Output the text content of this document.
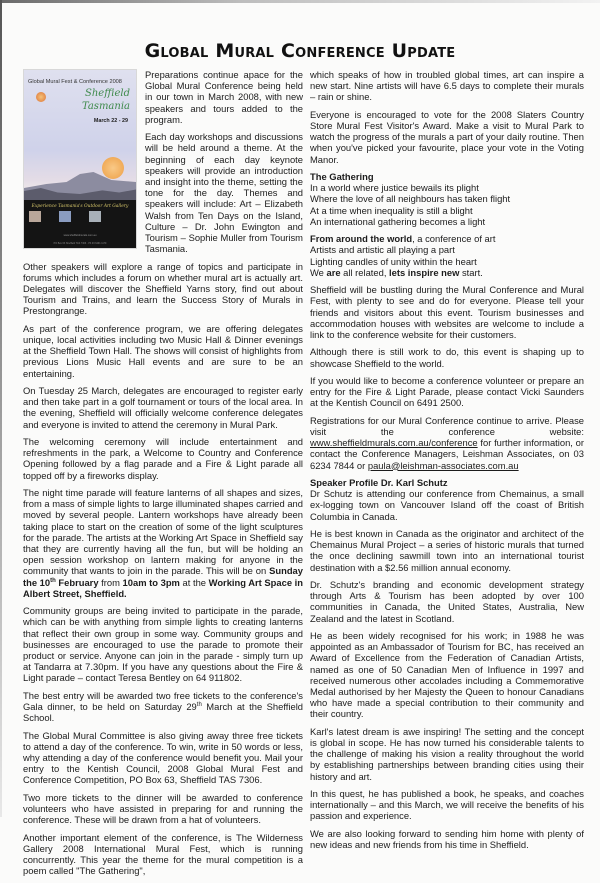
Global Mural Conference Update
Global Mural Fest & Conference 2008
Sheffield
Tasmania
March 22 - 29
Experience Tasmania's Outdoor Art Gallery
www.sheffieldmurals.com.au
PO Box 63 Sheffield TAS 7306 · Ph 03 6491 1179

Preparations continue apace for the Global Mural Conference being held in our town in March 2008, with new speakers and tours added to the program.

Each day workshops and discussions will be held around a theme. At the beginning of each day keynote speakers will provide an introduction and insight into the theme, setting the tone for the day. Themes and speakers will include: Art – Elizabeth Walsh from Ten Days on the Island, Culture – Dr. John Ewington and Tourism – Sophie Muller from Tourism Tasmania.

Other speakers will explore a range of topics and participate in forums which includes a forum on whether mural art is actually art. Delegates will discover the Sheffield Yarns story, find out about Tourism and Trains, and learn the Success Story of Murals in Prestongrange.

As part of the conference program, we are offering delegates unique, local activities including two Music Hall & Dinner evenings at the Sheffield Town Hall. The shows will consist of highlights from previous Lions Music Hall events and are sure to be an entertaining.

On Tuesday 25 March, delegates are encouraged to register early and then take part in a golf tournament or tours of the local area. In the evening, Sheffield will officially welcome conference delegates and everyone is invited to attend the ceremony in Mural Park.

The welcoming ceremony will include entertainment and refreshments in the park, a Welcome to Country and Conference Opening followed by a flag parade and a Fire & Light parade all topped off by a fireworks display.

The night time parade will feature lanterns of all shapes and sizes, from a mass of simple lights to large illuminated shapes carried and moved by several people. Lantern workshops have already been taking place to start on the creation of some of the light sculptures for the parade. The artists at the Working Art Space in Sheffield say that they are currently having all the fun, but will be holding an open session workshop on lantern making for anyone in the community that wants to join in the parade. This will be on Sunday the 10th February from 10am to 3pm at the Working Art Space in Albert Street, Sheffield.

Community groups are being invited to participate in the parade, which can be with anything from simple lights to creating lanterns that reflect their own group in some way. Community groups and businesses are encouraged to use the parade to promote their product or service. Anyone can join in the parade - simply turn up at Tandarra at 7.30pm. If you have any questions about the Fire & Light parade – contact Teresa Bentley on 64 911802.

The best entry will be awarded two free tickets to the conference's Gala dinner, to be held on Saturday 29th March at the Sheffield School.

The Global Mural Committee is also giving away three free tickets to attend a day of the conference. To win, write in 50 words or less, why attending a day of the conference would benefit you. Mail your entry to the Kentish Council, 2008 Global Mural Fest and Conference Competition, PO Box 63, Sheffield TAS 7306.

Two more tickets to the dinner will be awarded to conference volunteers who have assisted in preparing for and running the conference. These will be drawn from a hat of volunteers.

Another important element of the conference, is The Wilderness Gallery 2008 International Mural Fest, which is running concurrently. This year the theme for the mural competition is a poem called "The Gathering",

which speaks of how in troubled global times, art can inspire a new start. Nine artists will have 6.5 days to complete their murals – rain or shine.

Everyone is encouraged to vote for the 2008 Slaters Country Store Mural Fest Visitor's Award. Make a visit to Mural Park to watch the progress of the murals a part of your daily routine. Then when you've picked your favourite, place your vote in the Voting Manor.

The Gathering
In a world where justice bewails its plight
Where the love of all neighbours has taken flight
At a time when inequality is still a blight
An international gathering becomes a light
From around the world, a conference of art
Artists and artistic all playing a part
Lighting candles of unity within the heart
We are all related, lets inspire new start.

Sheffield will be bustling during the Mural Conference and Mural Fest, with plenty to see and do for everyone. Please tell your friends and visitors about this event. Tourism businesses and accommodation houses with websites are welcome to include a link to the conference website for their customers.

Although there is still work to do, this event is shaping up to showcase Sheffield to the world.

If you would like to become a conference volunteer or prepare an entry for the Fire & Light Parade, please contact Vicki Saunders at the Kentish Council on 6491 2500.

Registrations for our Mural Conference continue to arrive. Please visit the conference website: www.sheffieldmurals.com.au/conference for further information, or contact the Conference Managers, Leishman Associates, on 03 6234 7844 or paula@leishman-associates.com.au

Speaker Profile Dr. Karl Schutz

Dr Schutz is attending our conference from Chemainus, a small ex-logging town on Vancouver Island off the coast of British Columbia in Canada.

He is best known in Canada as the originator and architect of the Chemainus Mural Project – a series of historic murals that turned the once declining sawmill town into an international tourist destination with a $2.56 million annual economy.

Dr. Schutz's branding and economic development strategy through Arts & Tourism has been adopted by over 100 communities in Canada, the United States, Australia, New Zealand and the latest in Scotland.

He as been widely recognised for his work; in 1988 he was appointed as an Ambassador of Tourism for BC, has received an Award of Excellence from the Federation of Canadian Artists, named as one of 50 Canadian Men of Influence in 1997 and received numerous other accolades including a Commemorative Medal authorised by her Majesty the Queen to honour Canadians who have made a special contribution to their community and their country.

Karl's latest dream is awe inspiring! The setting and the concept is global in scope. He has now turned his considerable talents to the challenge of making his vision a reality throughout the world by establishing partnerships between branding cities using their history and art.

In this quest, he has published a book, he speaks, and coaches internationally – and this March, we will receive the benefits of his passion and experience.

We are also looking forward to sending him home with plenty of new ideas and new friends from his time in Sheffield.
